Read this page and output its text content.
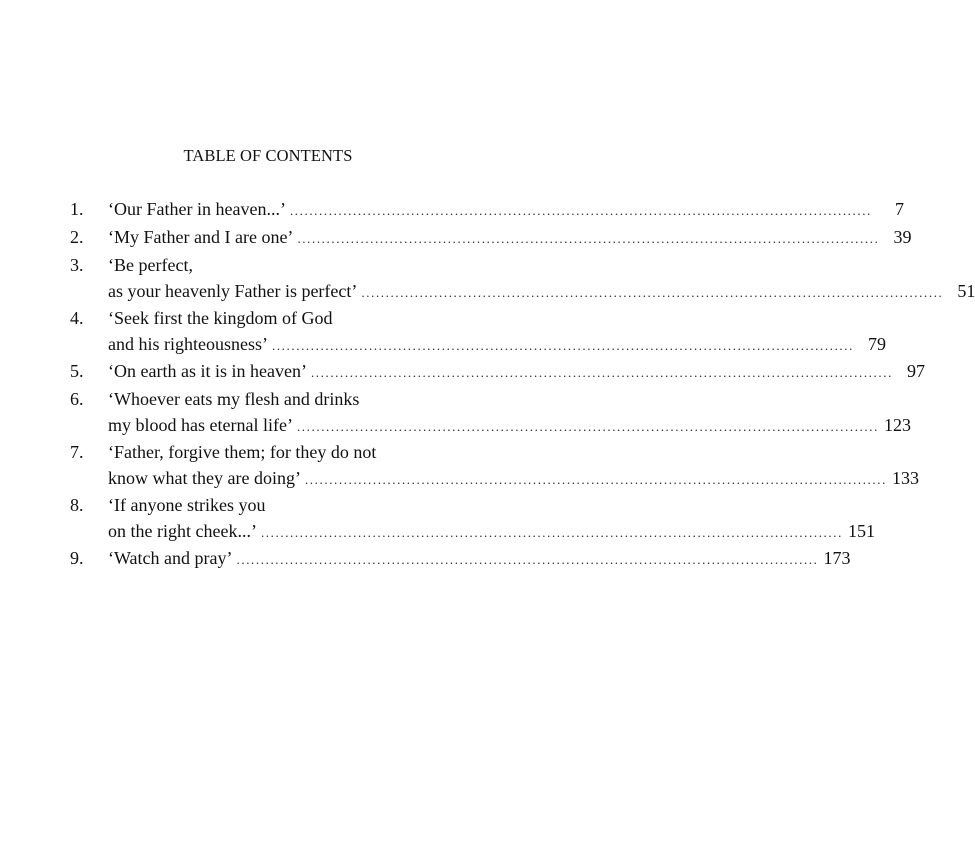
TABLE OF CONTENTS
1.	‘Our Father in heaven...’ ........................................................................................................................	7
2.	‘My Father and I are one’ ........................................................................................................................ 39
3.	‘Be perfect,
as your heavenly Father is perfect’ ........................................................................................................................ 51
4.	‘Seek first the kingdom of God
and his righteousness’ ........................................................................................................................ 79
5.	‘On earth as it is in heaven’ ........................................................................................................................ 97
6.	‘Whoever eats my flesh and drinks
my blood has eternal life’ ........................................................................................................................ 123
7.	‘Father, forgive them; for they do not
know what they are doing’ ........................................................................................................................ 133
8.	‘If anyone strikes you
on the right cheek...’ ........................................................................................................................ 151
9.	‘Watch and pray’ ........................................................................................................................ 173
